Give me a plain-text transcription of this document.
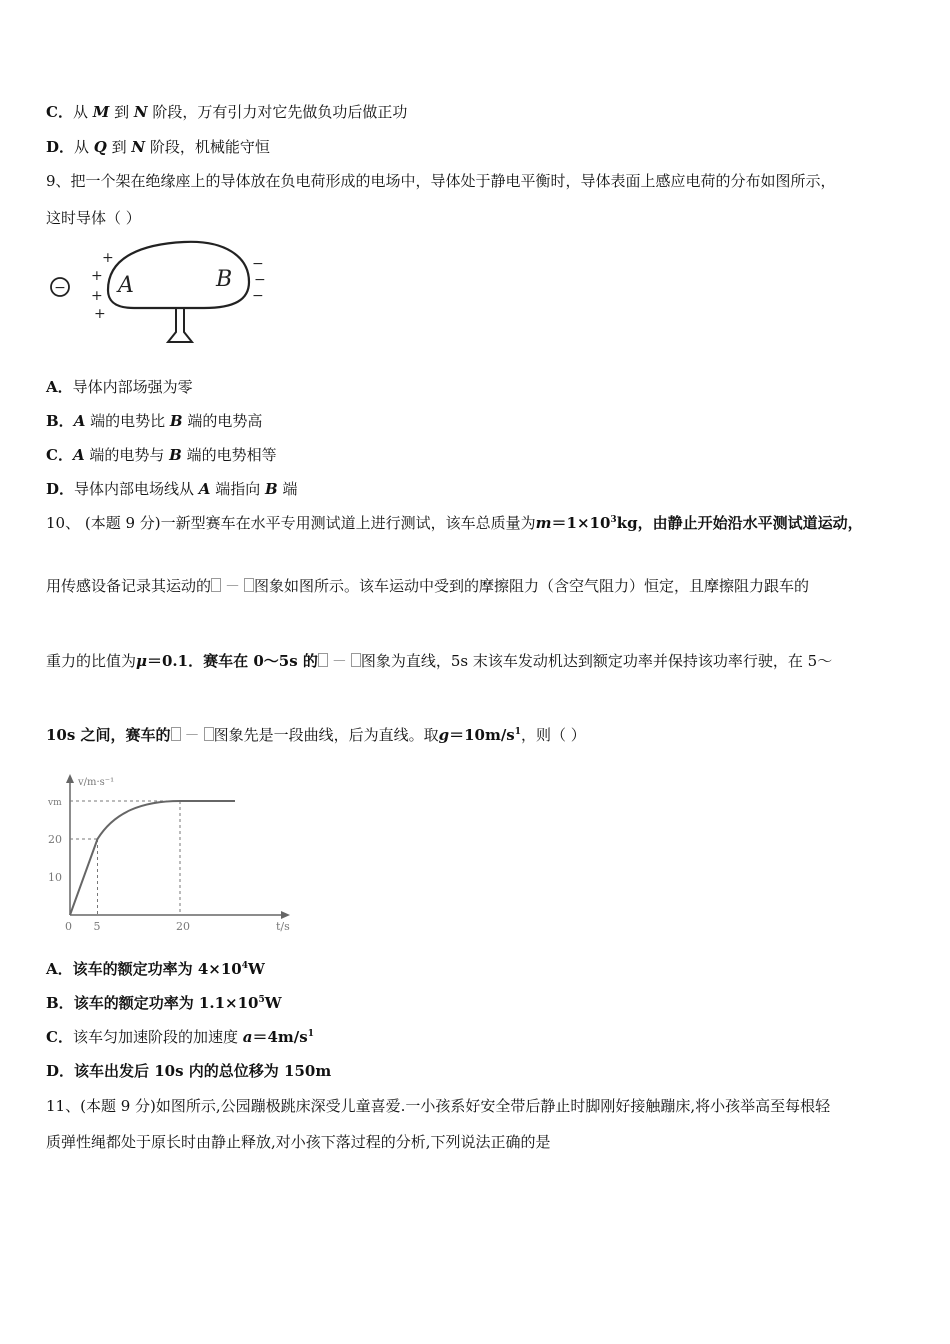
C．从 M 到 N 阶段，万有引力对它先做负功后做正功
D．从 Q 到 N 阶段，机械能守恒
9、把一个架在绝缘座上的导体放在负电荷形成的电场中，导体处于静电平衡时，导体表面上感应电荷的分布如图所示，
这时导体（ ）
−
+
+
+
+
A	B
−
−
−
A．导体内部场强为零
B．A 端的电势比 B 端的电势高
C．A 端的电势与 B 端的电势相等
D．导体内部电场线从 A 端指向 B 端
10、 (本题 9 分)一新型赛车在水平专用测试道上进行测试，该车总质量为$m=1\times 10^3kg$，由静止开始沿水平测试道运动，
用传感设备记录其运动的 － 图象如图所示。该车运动中受到的摩擦阻力（含空气阻力）恒定，且摩擦阻力跟车的
重力的比值为μ＝0.1．赛车在 0～5s 的 － 图象为直线，5s 末该车发动机达到额定功率并保持该功率行驶，在 5～
10s 之间，赛车的 － 图象先是一段曲线，后为直线。取$g=10m/s^1$，则（ ）
v/m·s⁻¹
t/s
0 5	20
10
20
vm
A．该车的额定功率为 $4\times 10^4W$
B．该车的额定功率为 $1.1\times 10^5W$
C．该车匀加速阶段的加速度 $a=4m/s^1$
D．该车出发后 10s 内的总位移为 150m
11、(本题 9 分)如图所示,公园蹦极跳床深受儿童喜爱.一小孩系好安全带后静止时脚刚好接触蹦床,将小孩举高至每根轻
质弹性绳都处于原长时由静止释放,对小孩下落过程的分析,下列说法正确的是
